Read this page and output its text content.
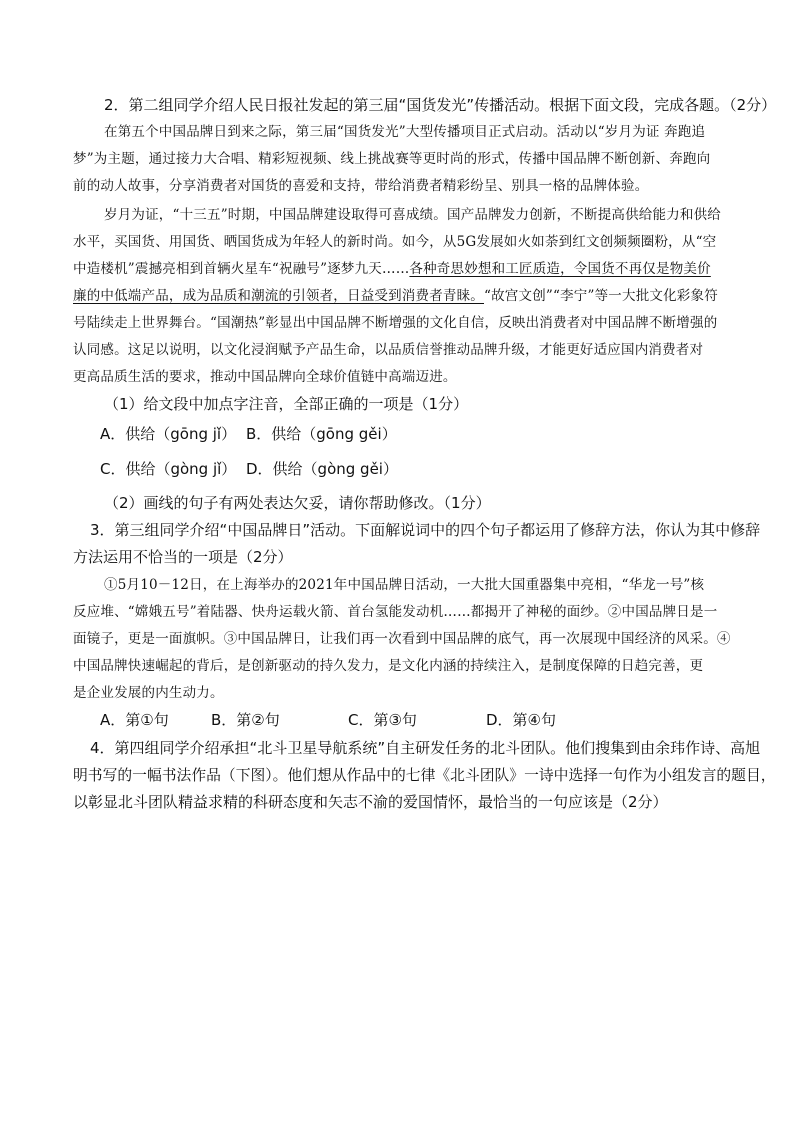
2．第二组同学介绍人民日报社发起的第三届“国货发光”传播活动。根据下面文段，完成各题。（2分）
在第五个中国品牌日到来之际，第三届“国货发光”大型传播项目正式启动。活动以“岁月为证 奔跑追
梦”为主题，通过接力大合唱、精彩短视频、线上挑战赛等更时尚的形式，传播中国品牌不断创新、奔跑向
前的动人故事，分享消费者对国货的喜爱和支持，带给消费者精彩纷呈、别具一格的品牌体验。
岁月为证，“十三五”时期，中国品牌建设取得可喜成绩。国产品牌发力创新，不断提高供给能力和供给
水平，买国货、用国货、晒国货成为年轻人的新时尚。如今，从5G发展如火如荼到红文创频频圈粉，从“空
中造楼机”震撼亮相到首辆火星车“祝融号”逐梦九天……各种奇思妙想和工匠质造，令国货不再仅是物美价
廉的中低端产品，成为品质和潮流的引领者，日益受到消费者青睐。“故宫文创”“李宁”等一大批文化彩象符
号陆续走上世界舞台。“国潮热”彰显出中国品牌不断增强的文化自信，反映出消费者对中国品牌不断增强的
认同感。这足以说明，以文化浸润赋予产品生命，以品质信誉推动品牌升级，才能更好适应国内消费者对
更高品质生活的要求，推动中国品牌向全球价值链中高端迈进。
（1）给文段中加点字注音，全部正确的一项是（1分）
A．供给（gōng jǐ） B．供给（gōng gěi）
C．供给（gòng jǐ） D．供给（gòng gěi）
（2）画线的句子有两处表达欠妥，请你帮助修改。（1分）
3．第三组同学介绍“中国品牌日”活动。下面解说词中的四个句子都运用了修辞方法，你认为其中修辞
方法运用不恰当的一项是（2分）
①5月10－12日，在上海举办的2021年中国品牌日活动，一大批大国重器集中亮相，“华龙一号”核
反应堆、“嫦娥五号”着陆器、快舟运载火箭、首台氢能发动机……都揭开了神秘的面纱。②中国品牌日是一
面镜子，更是一面旗帜。③中国品牌日，让我们再一次看到中国品牌的底气，再一次展现中国经济的风采。④
中国品牌快速崛起的背后，是创新驱动的持久发力，是文化内涵的持续注入，是制度保障的日趋完善，更
是企业发展的内生动力。
A．第①句	B．第②句	C．第③句	D．第④句
4．第四组同学介绍承担“北斗卫星导航系统”自主研发任务的北斗团队。他们搜集到由余玮作诗、高旭
明书写的一幅书法作品（下图）。他们想从作品中的七律《北斗团队》一诗中选择一句作为小组发言的题目，
以彰显北斗团队精益求精的科研态度和矢志不渝的爱国情怀，最恰当的一句应该是（2分）
